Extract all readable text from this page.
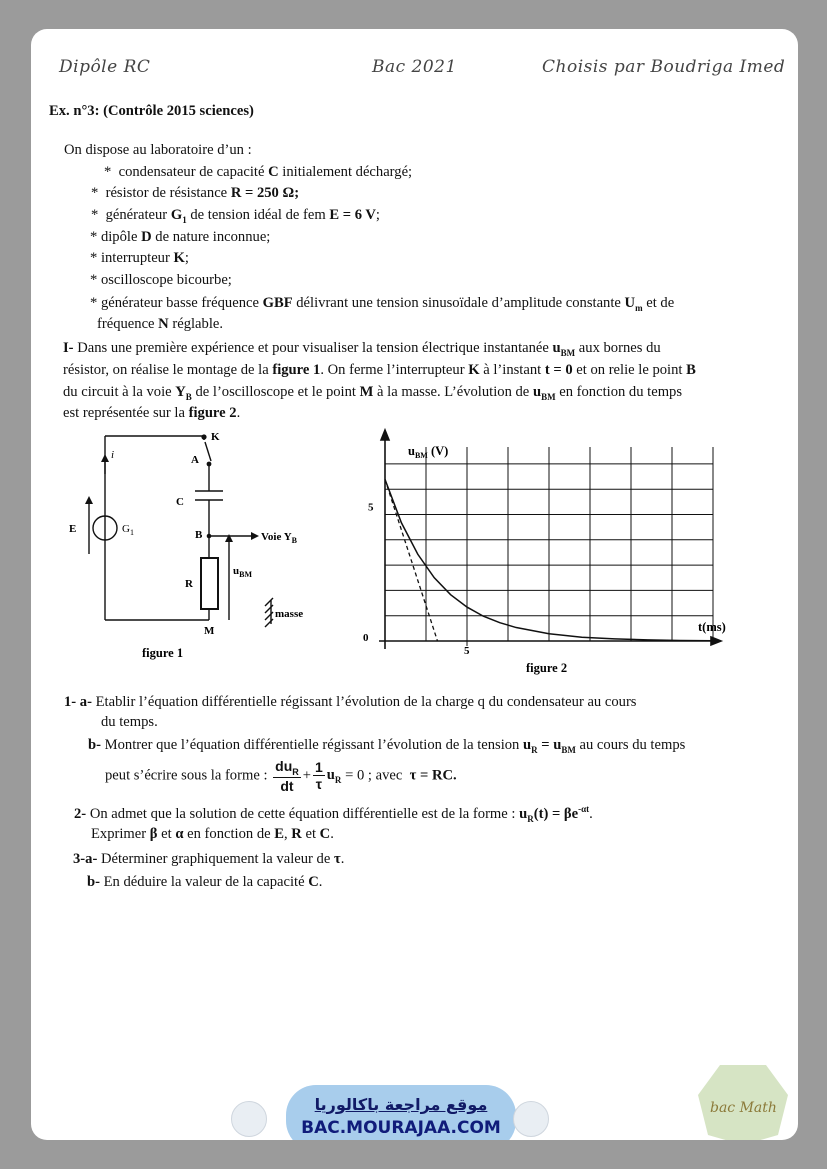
Dipôle RC	Bac 2021	Choisis par Boudriga Imed
Ex. n°3: (Contrôle 2015 sciences)
On dispose au laboratoire d’un :
*  condensateur de capacité C initialement déchargé;
*  résistor de résistance R = 250 Ω;
*  générateur $G_1$ de tension idéal de fem E = 6 V;
* dipôle D de nature inconnue;
* interrupteur K;
* oscilloscope bicourbe;
* générateur basse fréquence GBF délivrant une tension sinusoïdale d’amplitude constante $U_m$ et de
fréquence N réglable.
I- Dans une première expérience et pour visualiser la tension électrique instantanée $u_{BM}$ aux bornes du
résistor, on réalise le montage de la figure 1. On ferme l’interrupteur K à l’instant t = 0 et on relie le point B
du circuit à la voie $Y_B$ de l’oscilloscope et le point M à la masse. L’évolution de $u_{BM}$ en fonction du temps
est représentée sur la figure 2.
K
A
i
C
E	$G_1$	B	Voie $Y_B$
$u_{BM}$
R
masse
M
figure 1
$u_{BM}$ (V)
t(ms)
figure 2
0
5
5
1- a- Etablir l’équation différentielle régissant l’évolution de la charge q du condensateur au cours
du temps.
b- Montrer que l’équation différentielle régissant l’évolution de la tension $u_R = u_{BM}$ au cours du temps
peut s’écrire sous la forme : $\frac{du_R}{dt} + \frac{1}{\tau} u_R = 0$ ; avec  τ = RC.
2- On admet que la solution de cette équation différentielle est de la forme : $u_R(t) = \beta e^{-\alpha t}$.
Exprimer β et α en fonction de E, R et C.
3-a- Déterminer graphiquement la valeur de τ.
b- En déduire la valeur de la capacité C.
موقع مراجعة باكالوريا
BAC.MOURAJAA.COM
bac Math
